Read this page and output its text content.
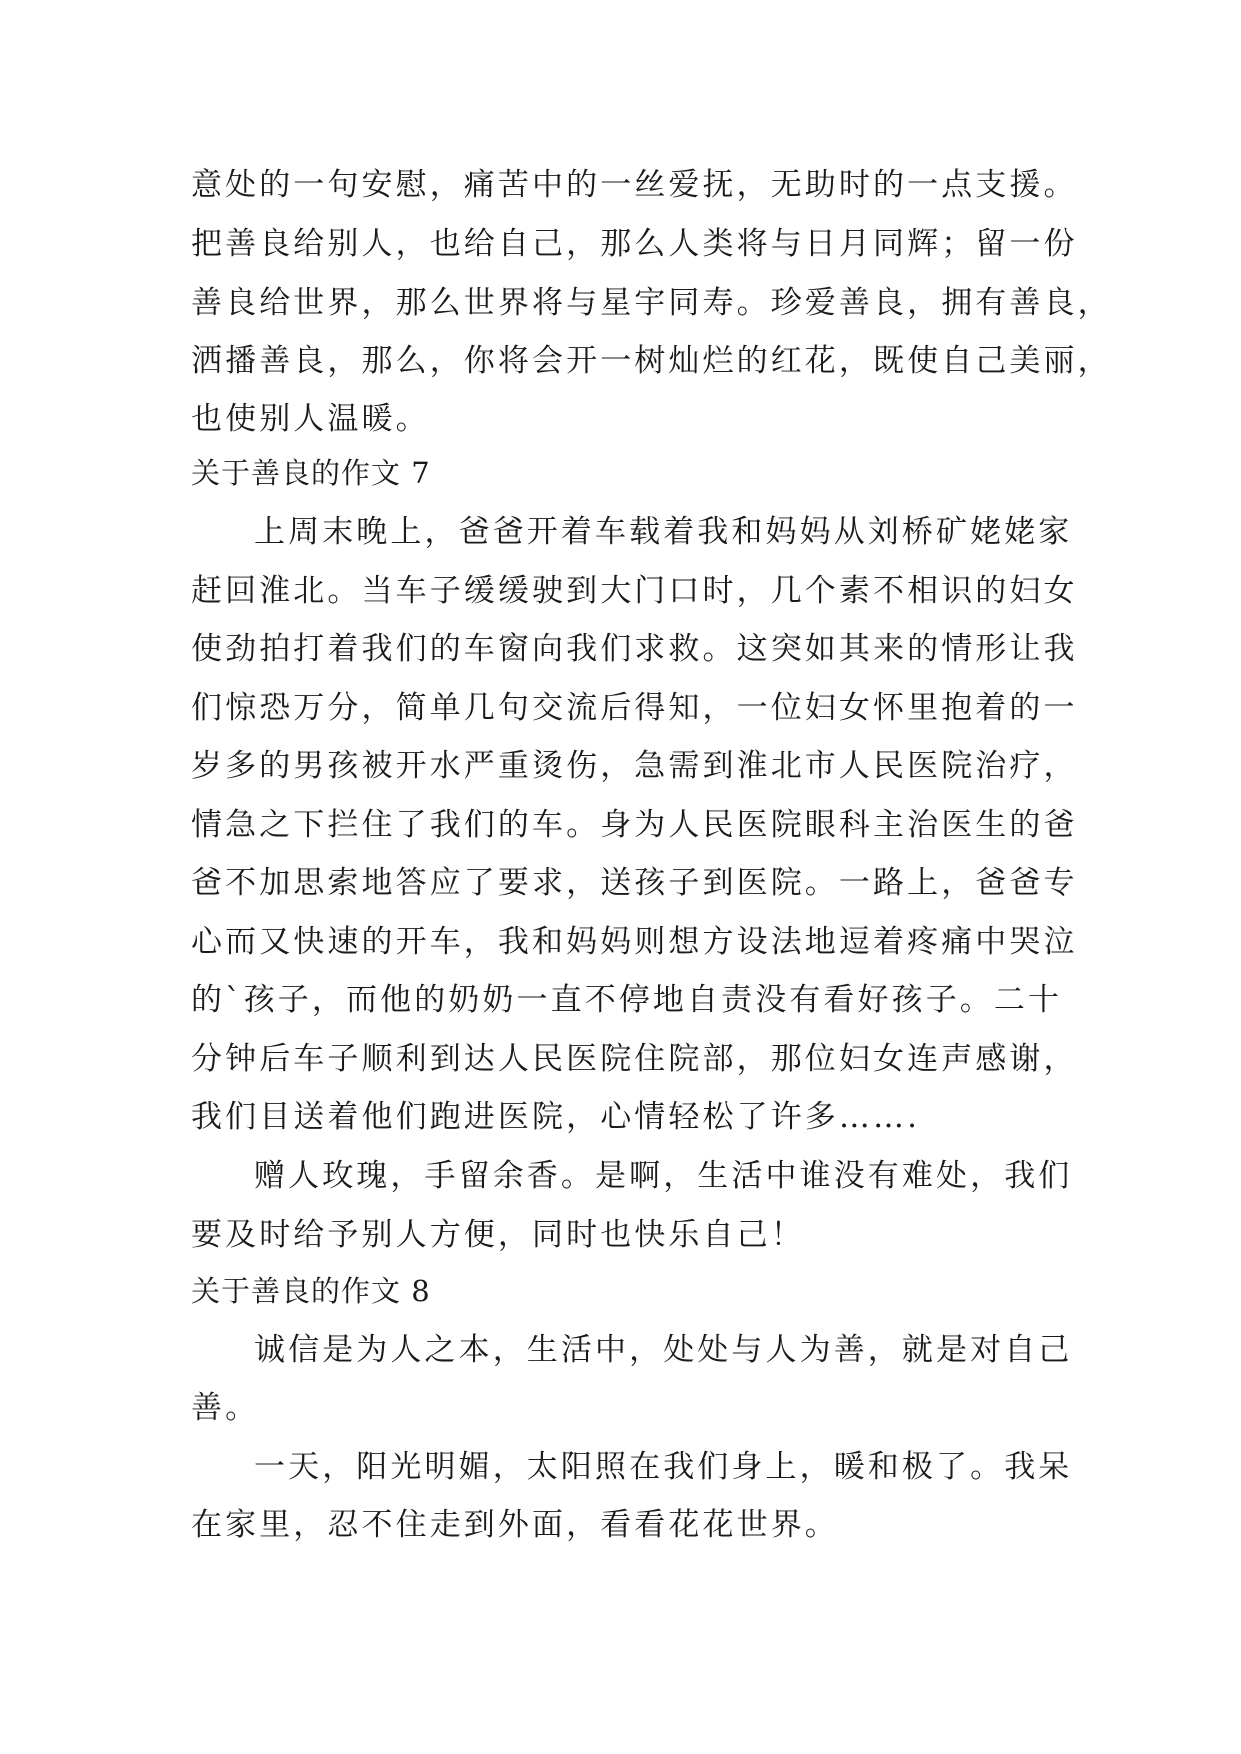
意处的一句安慰，痛苦中的一丝爱抚，无助时的一点支援。
把善良给别人，也给自己，那么人类将与日月同辉；留一份
善良给世界，那么世界将与星宇同寿。珍爱善良，拥有善良，
洒播善良，那么，你将会开一树灿烂的红花，既使自己美丽，
也使别人温暖。
关于善良的作文 7
上周末晚上，爸爸开着车载着我和妈妈从刘桥矿姥姥家
赶回淮北。当车子缓缓驶到大门口时，几个素不相识的妇女
使劲拍打着我们的车窗向我们求救。这突如其来的情形让我
们惊恐万分，简单几句交流后得知，一位妇女怀里抱着的一
岁多的男孩被开水严重烫伤，急需到淮北市人民医院治疗，
情急之下拦住了我们的车。身为人民医院眼科主治医生的爸
爸不加思索地答应了要求，送孩子到医院。一路上，爸爸专
心而又快速的开车，我和妈妈则想方设法地逗着疼痛中哭泣
的`孩子，而他的奶奶一直不停地自责没有看好孩子。二十
分钟后车子顺利到达人民医院住院部，那位妇女连声感谢，
我们目送着他们跑进医院，心情轻松了许多…….
赠人玫瑰，手留余香。是啊，生活中谁没有难处，我们
要及时给予别人方便，同时也快乐自己！
关于善良的作文 8
诚信是为人之本，生活中，处处与人为善，就是对自己
善。
一天，阳光明媚，太阳照在我们身上，暖和极了。我呆
在家里，忍不住走到外面，看看花花世界。
